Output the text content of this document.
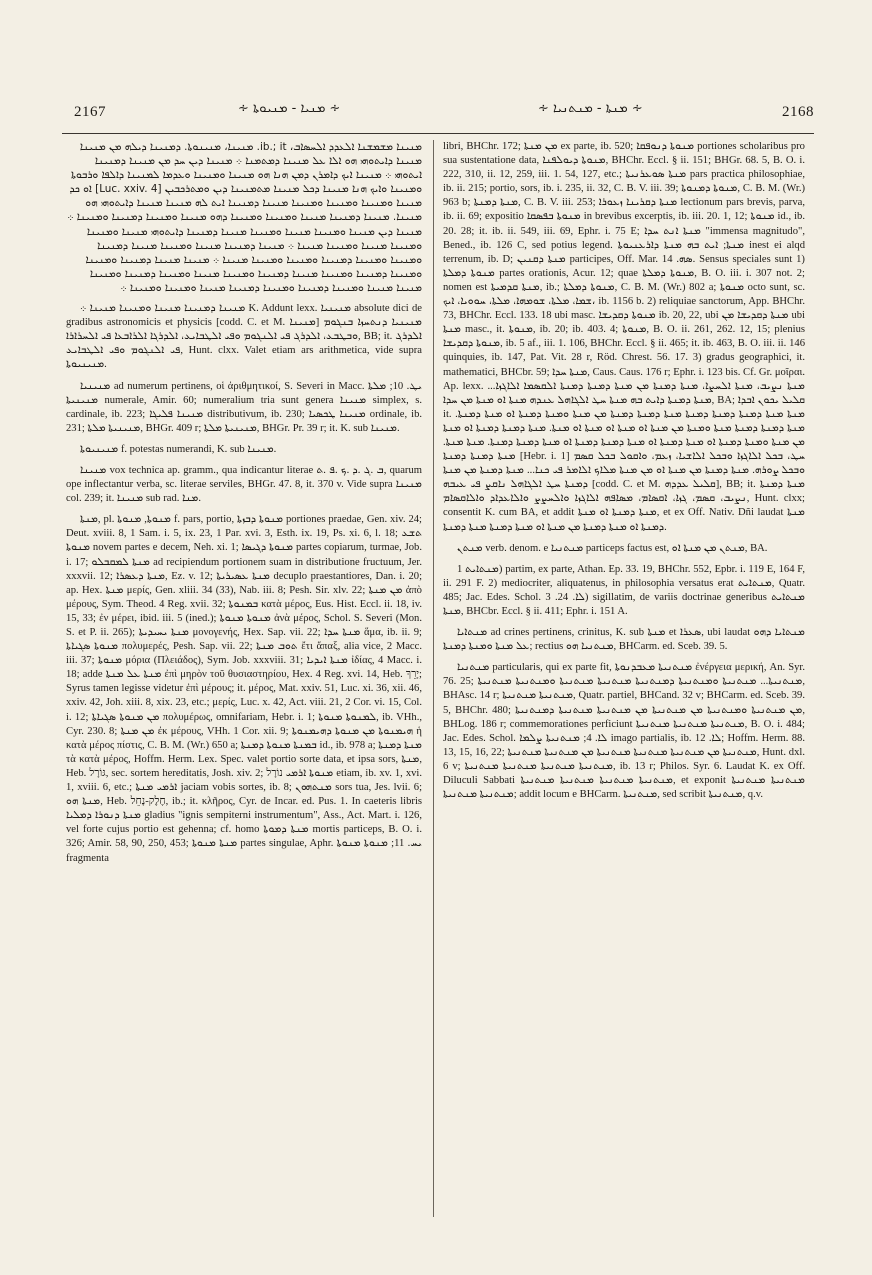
2167	∻ ܡܢܝܐ - ܡܢܝܘܬܐ ∻	∻ ܡܢܬܐ - ܡܢܬܢܝܐ ∻	2168

ܡܢܝܢܐ ܡܫܡܫܢܐ ܐܠܥܕܕ ܐܠܚܣܐܒ، ib.; it. ܡܢܝܢܐ، ܡܢܝܢܘܬܐ. ܕܡܢܝܢܐ ܕܝܠܗ ܡܢ ܡܢܝܢܐ ܡܢܝܢܐ ܕܐܝܬܘܗܝ ܗܘ ܐܠܐ ܥܠ ܡܢܝܢܐ ܕܡܬܡܢܐ ܀ ܡܢܝܢܐ ܕܝܢ ܚܕ ܡܢ ܡܢܝܢܐ ܕܡܢܝܢܐ ܐܝܬܘܗܝ ܀ ܡܢܝܢܐ ܐܝܟ ܕܐܡܪܢ ܕܡܢ ܗܢܐ ܗܘ ܡܢܝܢܐ ܘܡܢܝܢܐ ܘܥܕܡܐ ܠܡܢܝܢܐ ܕܐܠܦܐ ܘܪܒܘܬܐ ܘܡܢܝܢܐ ܘܐܝܟ ܗܢܐ ܡܢܝܢܐ ܕܟܠ ܡܢܝܢܐ ܡܬܡܢܝܢܐ ܕܝܢ ܘܡܬܪܟܒܝܢ [Luc. xxiv. 4] ܐܘ ܟܕ ܡܢܝܢܐ ܘܡܢܝܢܐ ܘܡܢܝܢܐ ܘܡܢܝܢܐ ܡܢܝܢܐ ܕܡܢܝܢܐ ܐܝܬ ܠܗ ܡܢܝܢܐ ܡܢܝܢܐ ܕܐܝܬܘܗܝ ܗܘ ܡܢܝܢܐ. ܡܢܝܢܐ ܕܡܢܝܢܐ ܡܢܝܢܐ ܘܡܢܝܢܐ ܘܡܢܝܢܐ ܕܗܘ ܡܢܝܢܐ ܘܡܢܝܢܐ ܕܡܢܝܢܐ ܘܡܢܝܢܐ ܀ ܡܢܝܢܐ ܕܝܢ ܡܢܝܢܐ ܘܡܢܝܢܐ ܡܢܝܢܐ ܘܡܢܝܢܐ ܡܢܝܢܐ ܕܡܢܝܢܐ ܕܐܝܬܘܗܝ ܡܢܝܢܐ ܘܡܢܝܢܐ ܘܡܢܝܢܐ ܡܢܝܢܐ ܘܡܢܝܢܐ ܡܢܝܢܐ ܀ ܡܢܝܢܐ ܕܡܢܝܢܐ ܡܢܝܢܐ ܘܡܢܝܢܐ ܡܢܝܢܐ ܕܡܢܝܢܐ ܘܡܢܝܢܐ ܘܡܢܝܢܐ ܕܡܢܝܢܐ ܘܡܢܝܢܐ ܘܡܢܝܢܐ ܡܢܝܢܐ ܀ ܡܢܝܢܐ ܡܢܝܢܐ ܕܡܢܝܢܐ ܘܡܢܝܢܐ ܘܡܢܝܢܐ ܕܡܢܝܢܐ ܘܡܢܝܢܐ ܡܢܝܢܐ ܕܡܢܝܢܐ ܘܡܢܝܢܐ ܡܢܝܢܐ ܘܡܢܝܢܐ ܕܡܢܝܢܐ ܘܡܢܝܢܐ ܡܢܝܢܐ ܡܢܝܢܐ ܘܡܢܝܢܐ ܕܡܢܝܢܐ ܘܡܢܝܢܐ ܕܡܢܝܢܐ ܡܢܝܢܐ ܘܡܢܝܢܐ ܘܡܢܝܢܐ ܀

ܡܢܝܢܐ ܕܡܢܝܢܐ ܡܢܝܢܐ ܘܡܢܝܢܐ ܡܢܝܢܐ ܀ K. Addunt lexx. ܡܢܝܢܝܐ absolute dici de gradibus astronomicis et physicis [codd. C. et M. ܡܢܝܢܐ] ܡܢܝܢܝܐ ܕܢܬܚܙܐ ܒܢܓܘܡ ܘܒܛܒܥ، ܐܠܕܪܓ ܦܝ ܐܠܢܓܘܡ ܘܦܝ ܐܠܛܒܐܝܥ، ܐܠܕܪܓܐ ܐܠܪܐܒܥܐ ܦܝ ܐܠܚܪܐܪܐ, BB; it. ܐܠܕܪܓ ܦܝ ܐܠܢܓܘܡ ܘܦܝ ܐܠܛܒܐܝܥ, Hunt. clxx. Valet etiam ars arithmetica, vide supra ܡܢܝܢܝܘܬܐ.

ܡܢܝܢܝܐ ad numerum pertinens, οἱ ἀριθμητικοί, S. Severi in Macc. ܝܛ. 10; ܡܠܬܐ ܡܢܝܢܝܬܐ numerale, Amir. 60; numeralium tria sunt genera ܡܢܝܢܐ simplex, s. cardinale, ib. 223; ܡܢܝܢܐ ܦܠܝܓܐ distributivum, ib. 230; ܡܢܝܢܐ ܛܟܣܝܐ ordinale, ib. 231; ܡܢܝܢܝܬܐ ܡܠܬܐ, BHGr. 409 r; ܡܢܝܢܝܬܐ ܡܠܬܐ, BHGr. Pr. 39 r; it. K. sub ܡܢܝܢܐ.

ܡܢܝܢܝܘܬܐ f. potestas numerandi, K. sub ܡܢܝܢܐ.

ܡܢܝܢܐ vox technica ap. gramm., qua indicantur literae ܒ .ܓ .ܕ .ܟ .ܦ .ܬ, quarum ope inflectantur verba, sc. literae serviles, BHGr. 47. 8, it. 370 v. Vide supra ܡܢܝܢܐ col. 239; it. ܡܢܝܢܐ sub rad. ܡܢܐ.

ܡܢܬܐ, pl. ܡܢܘܬܐ, ܡܢܘܬܐ f. pars, portio, ܡܢܘܬܐ ܕܒܙܬܐ portiones praedae, Gen. xiv. 24; Deut. xviii. 8, 1 Sam. i. 5, ix. 23, 1 Par. xvi. 3, Esth. ix. 19, Ps. xi. 6, l. 18; ܬܫܥ ܡܢܘܬܐ novem partes e decem, Neh. xi. 1; ܡܢܘܬܐ ܕܓܝܣܐ partes copiarum, turmae, Job. i. 17; ܡܢܬܐ ܠܡܩܒܠܘ ad recipiendum portionem suam in distributione fructuum, Jer. xxxvii. 12; ܡܢܬܐ ܕܥܣܪܐ, Ez. v. 12; ܡܢܬܐ ܥܣܝܪܝܬܐ decuplo praestantiores, Dan. i. 20; ap. Hex. ܡܢܬܐ μερίς, Gen. xliii. 34 (33), Nab. iii. 8; Pesh. Sir. xlv. 22; ܡܢ ܡܢܬܐ ἀπὸ μέρους, Sym. Theod. 4 Reg. xvii. 32; ܒܡܢܘܬܐ κατὰ μέρος, Eus. Hist. Eccl. ii. 18, iv. 15, 33; ἐν μέρει, ibid. iii. 5 (ined.); ܡܢܘܬܐ ܡܢܘܬܐ ἀνὰ μέρος, Schol. S. Severi (Mon. S. et P. ii. 265); ܡܢܬܐ ܝܚܝܕܝܬܐ μονογενής, Hex. Sap. vii. 22; ܡܢܬܐ ܚܕܐ ἅμα, ib. ii. 9; ܡܢܘܬܐ ܣܓܝܐܬܐ πολυμερές, Pesh. Sap. vii. 22; ܬܘܒ ܡܢܬܐ ἔτι ἅπαξ, alia vice, 2 Macc. iii. 37; ܡܢܘܬܐ μόρια (Πλειάδος), Sym. Job. xxxviii. 31; ܡܢܬܐ ܐܝܕܝܐ ἰδίας, 4 Macc. i. 18; adde ܡܢܬܐ ܥܠ ܡܢܬܐ ἐπὶ μηρὸν τοῦ θυσιαστηρίου, Hex. 4 Reg. xvi. 14, Heb. יָרֵךְ; Syrus tamen legisse videtur ἐπὶ μέρους; it. μέρος, Mat. xxiv. 51, Luc. xi. 36, xii. 46, xxiv. 42, Joh. xiii. 8, xix. 23, etc.; μερίς, Luc. x. 42, Act. viii. 21, 2 Cor. vi. 15, Col. i. 12; ܡܢ ܡܢܘܬܐ ܣܓܝܐܬܐ πολυμέρως, omnifariam, Hebr. i. 1; ܠܡܢܘܬܐ ܡܢܘܬܐ, ib. VHh., Cyr. 230. 8; ܡܢ ܡܢܬܐ ἐκ μέρους, VHh. 1 Cor. xii. 9; ܗܝܡܢܘܬܐ ܡܢ ܡܢܘܬܐ ܕܗܝܡܢܘܬܐ ἡ κατὰ μέρος πίστις, C. B. M. (Wr.) 650 a; ܒܡܢܬܐ ܡܢܘܬܐ ܕܡܢܬܐ id., ib. 978 a; ܡܢܬܐ ܕܡܢܬܐ τὰ κατὰ μέρος, Hoffm. Herm. Lex. Spec. valet portio sorte data, et ipsa sors, ܡܢܬܐ, Heb. גּוֹרָל, sec. sortem hereditatis, Josh. xiv. 2; ܡܢܘܬܐ ܐܪܡܝ נוֹרָל etiam, ib. xv. 1, xvi. 1, xviii. 6, etc.; ܐܪܡܝ ܡܢܬܐ jaciam vobis sortes, ib. 8; ܡܢܬܗܘܢ sors tua, Jes. lvii. 6; ܡܢܬܐ ܗܘ, Heb. חֶלֶק-נָחֵל, ib.; it. κλῆρος, Cyr. de Incar. ed. Pus. 1. In caeteris libris ܡܢܬܐ ܕܢܘܪܐ ܕܡܠܝܐ gladius "ignis sempiterni instrumentum", Ass., Act. Mart. i. 126, vel forte cujus portio est gehenna; cf. homo ܡܢܬܐ ܕܡܘܬܐ mortis particeps, B. O. i. 326; Amir. 58, 90, 250, 453; ܡܢܬܐ ܡܢܘܬܐ partes singulae, Aphr. ܝܚ. 11; ܡܢܘܬܐ ܡܢܘܬܐ fragmenta

libri, BHChr. 172; ܡܢ ܡܢܬܐ ex parte, ib. 520; ܡܢܘܬܐ ܕܢܘܦܩܐ portiones scholaribus pro sua sustentatione data, ܡܢܘܬܐ ܕܝܘܠܦܢܐ, BHChr. Eccl. § ii. 151; BHGr. 68. 5, B. O. i. 222, 310, ii. 12, 259, iii. 1. 54, 127, etc.; ܡܢܬܐ ܣܘܥܪܢܝܬܐ pars practica philosophiae, ib. ii. 215; portio, sors, ib. i. 235, ii. 32, C. B. V. iii. 39; ܡܢܘܬܐ ܕܡܢܘܬܐ, C. B. M. (Wr.) 963 b; ܡܢܬܐ ܕܡܢܬܐ, C. B. V. iii. 253; ܡܢܬܐ ܕܩܪܝܢܐ ܙܥܘܪܐ lectionum pars brevis, parva, ib. ii. 69; expositio ܡܢܘܬܐ ܒܦܣܩܐ in brevibus excerptis, ib. iii. 20. 1, 12; ܡܢܘܬܐ id., ib. 20. 28; it. ib. ii. 549, iii. 69, Ephr. i. 75 E; ܡܢܬܐ ܐܢܬ ܚܕܐ "immensa magnitudo", Bened., ib. 126 C, sed potius legend. ܡܢܬܐ; ܐܝܬ ܒܗ ܡܢܬܐ ܕܐܪܥܢܝܘܬܐ inest ei alqd terrenum, ib. D; ܡܢܬܐ ܕܩܢܝܢ participes, Off. Mar. ܣܗ. 14. Sensus speciales sunt 1) ܡܢܘܬܐ ܕܡܠܬܐ partes orationis, Acur. 12; quae ܡܢܘܬܐ ܕܡܠܬܐ, B. O. iii. i. 307 not. 2; nomen est ܡܢܬܐ ܩܕܡܝܬܐ, ib.; ܡܢܘܬܐ ܕܡܠܬܐ, C. B. M. (Wr.) 802 a; ܡܢܘܬܐ octo sunt, sc. ܫܡܐ، ܡܠܬܐ، ܫܘܡܗܐ، ܡܠܬܐ، ܚܘܘܝܐ، ܐܝܟ، ib. 1156 b. 2) reliquiae sanctorum, App. BHChr. 73, BHChr. Eccl. 133. 18 ubi masc. ܡܢܘܬܐ ܕܩܕܝܫܐ ib. 20, 22, ubi ܡܢܬܐ ܕܩܕܝܫܐ ܡܢ ubi ܡܢܬܐ masc., it. ܡܢܘܬܐ, ib. 20; ib. 403. 4; ܡܢܘܬܐ, B. O. ii. 261, 262. 12, 15; plenius ܡܢܘܬܐ ܕܩܕܝܫܐ, ib. 5 af., iii. 1. 106, BHChr. Eccl. § ii. 465; it. ib. 463, B. O. iii. ii. 146 quinquies, ib. 147, Pat. Vit. 28 r, Röd. Chrest. 56. 17. 3) gradus geographici, it. mathematici, BHCbr. 59; ܡܢܬܐ ܚܕܐ, Caus. Caus. 176 r; Ephr. i. 123 bis. Cf. Gr. μοῖραι. Ap. lexx. ܡܢܬܐ ܢܨܝܒ، ܡܢܬܐ ܐܠܚܨܐ، ܡܢܬܐ ܕܡܢܬܐ ܡܢ ܡܢܬܐ ܕܡܢܬܐ ܕܡܢܬܐ ܐܠܩܣܡܐ ܐܠܐܓܙܐ... ܡܢܬܐ ܕܡܢܬܐ ܕܐܝܬ ܒܗ ܡܢܬܐ ܚܛ ܐܠܓܐܗܠ ܥܢܕܗ ܡܢܬܐ ܐܘ ܡܢܬܐ ܡܢ ܚܕܐ, BA; ܩܠܝܠ ܝܟܘܢ ܐܒܕܐ it. ܡܢܬܐ ܡܢܬܐ ܕܡܢܬܐ ܕܡܢܬܐ ܕܡܢܬܐ ܡܢܬܐ ܕܡܢܬܐ ܕܡܢܬܐ ܡܢ ܡܢܬܐ ܘܡܢܬܐ ܕܡܢܬܐ ܐܘ ܡܢܬܐ ܕܡܢܬܐ. ܡܢܬܐ ܕܡܢܬܐ ܕܡܢܬܐ ܡܢܬܐ ܘܡܢܬܐ ܡܢ ܡܢܬܐ ܐܘ ܡܢܬܐ ܐܘ ܡܢܬܐ ܐܘ ܡܢܬܐ. ܡܢܬܐ ܕܡܢܬܐ ܕܡܢܬܐ ܐܘ ܡܢܬܐ ܡܢ ܡܢܬܐ ܘܡܢܬܐ ܕܡܢܬܐ ܐܘ ܡܢܬܐ ܕܡܢܬܐ ܐܘ ܡܢܬܐ ܕܡܢܬܐ ܕܡܢܬܐ ܐܘ ܡܢܬܐ ܕܡܢܬܐ ܕܡܢܬܐ. ܡܢܬܐ ܡܢܬܐ. ܡܢܬܐ ܕܡܢܬܐ ܕܡܢܬܐ [Hebr. i. 1] ܚܛ، ܒܟܠ ܐܠܐܓܙܐ ܘܒܟܠ ܐܠܐܫܝܐ، ܙܥܡ، ܘܐܩܘܠ ܒܟܠ ܩܣܡ ܘܒܟܠ ܨܘܪܗ. ܡܢܬܐ ܕܡܢܬܐ ܡܢ ܡܢܬܐ ܐܘ ܡܢ ܡܢܬܐ ܡܠܐܟ ܐܠܐܡܪ ܦܝ ܟܢܐ... ܡܢܬܐ ܕܡܢܬܐ ܡܢ ܡܢܬܐ ܕܡܢܬܐ ܚܛ ܐܠܓܐܗܠ ܢܐܩܨ ܦܝ ܥܝܒܗ [codd. C. et M. ܩܠܝܠ ܥܕܕܗ], BB; it. ܡܢܬܐ ܕܡܢܬܐ ܢܨܝܒ، ܩܣܡ، ܓܙܐ، ܐܩܣܐܡ، ܡܣܐܦܗ ܐܠܐܓܙܐ ܘܐܠܚܨܨ ܘܐܠܐܥܕܐܕ ܘܐܠܐܩܣܐܡ, Hunt. clxx; consentit K. cum BA, et addit ܡܢܬܐ ܕܡܢܬܐ ܐܘ ܡܢܬܐ, et ex Off. Nativ. Dñi laudat ܡܢܬܐ ܕܡܢܬܐ ܐܘ ܡܢܬܐ ܕܡܢܬܐ ܡܢ ܡܢܬܐ ܐܘ ܡܢܬܐ ܕܡܢܬܐ ܡܢܬܐ ܕܡܢܬܐ.

ܡܢܬܢ verb. denom. e ܡܢܬܢܝܐ particeps factus est, ܡܢܬܢ ܡܢ ܡܢܬܐ ܐܘ, BA.

ܡܢܬܐܝܬ 1) partim, ex parte, Athan. Ep. 33. 19, BHChr. 552, Epbr. i. 119 E, 164 F, ii. 291 F. 2) mediocriter, aliquatenus, in philosophia versatus erat ܡܢܬܐܝܬ, Quatr. 485; Jac. Edes. Schol. ܠܐ. 24. 3) sigillatim, de variis doctrinae generibus ܡܢܬܐܝܬ ܡܢܬܐ, BHCbr. Eccl. § ii. 411; Ephr. i. 151 A.

ܡܢܬܐܝܐ ad crines pertinens, crinitus, K. sub ܡܢܬܐ et ܣܥܪܐ, ubi laudat ܡܢܬܐܝܐ ܕܗܘ ܥܠ ܡܢܬܐ ܘܡܢܬܐ ܕܡܢܬܐ; rectius ܡܢܬܢܝܐ ܗܘ, BHCarm. ed. Sceb. 39. 5.

ܡܢܬܢܝܐ particularis, qui ex parte fit, ܡܢܬܢܝܬܐ ܡܥܒܕܢܘܬܐ ἐνέργεια μερική, An. Syr. 76. 25; ܡܢܬܢܝܬܐ... ܡܢܬܢܝܬܐ ܘܡܢܬܢܝܬܐ ܕܡܢܬܢܝܬܐ ܡܢܬܢܝܬܐ ܡܢܬܢܝܬܐ ܘܡܢܬܢܝܬܐ ܡܢܬܢܝܬܐ, BHAsc. 14 r; ܡܢܬܢܝܬܐ ܡܢܬܢܝܬܐ, Quatr. partiel, BHCand. 32 v; BHCarm. ed. Sceb. 39. 5, BHChr. 480; ܡܢ ܡܢܬܢܝܬܐ ܘܡܢܬܢܝܬܐ ܡܢ ܡܢܬܢܝܬܐ ܡܢ ܡܢܬܢܝܬܐ ܡܢܬܢܝܬܐ ܕܡܢܬܢܝܬܐ, BHLog. 186 r; commemorationes perficiunt ܡܢܬܢܝܬܐ ܡܢܬܢܝܬܐ ܡܢܬܢܝܬܐ, B. O. i. 484; Jac. Edes. Schol. ܠܐ. 4; ܡܢܬܢܝܬܐ ܨܠܡܐ imago partialis, ib. ܠܐ. 12; Hoffm. Herm. 88. 13, 15, 16, 22; ܡܢܬܢܝܬܐ ܡܢ ܡܢܬܢܝܬܐ ܡܢܬܢܝܬܐ ܡܢܬܢܝܬܐ ܡܢ ܡܢܬܢܝܬܐ ܡܢܬܢܝܬܐ, Hunt. dxl. 6 v; ܡܢܬܢܝܬܐ ܡܢܬܢܝܬܐ ܡܢܬܢܝܬܐ ܡܢܬܢܝܬܐ, ib. 13 r; Philos. Syr. 6. Laudat K. ex Off. Diluculi Sabbati ܡܢܬܢܝܬܐ ܡܢܬܢܝܬܐ ܡܢܬܢܝܬܐ ܡܢܬܢܝܬܐ, et exponit ܡܢܬܢܝܬܐ ܡܢܬܢܝܬܐ ܡܢܬܢܝܬܐ ܡܢܬܢܝܬܐ; addit locum e BHCarm. ܡܢܬܢܝܬܐ, sed scribit ܡܢܬܢܝܬܐ, q.v.
